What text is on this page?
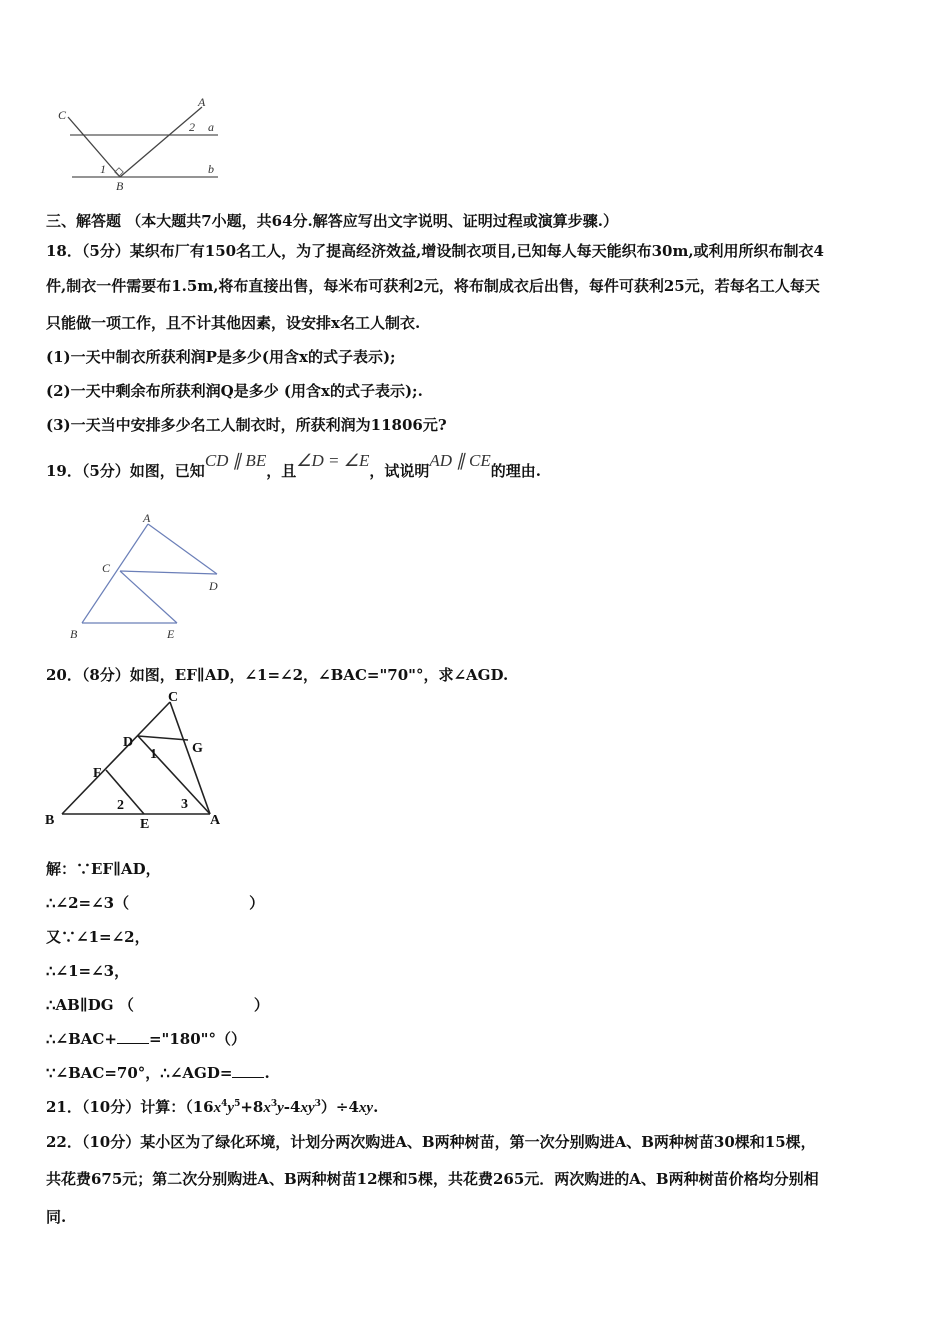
C
A
2 a
1
B
b
三、解答题 （本大题共7小题，共64分.解答应写出文字说明、证明过程或演算步骤.）
18．（5分）某织布厂有150名工人，为了提高经济效益,增设制衣项目,已知每人每天能织布30m,或利用所织布制衣4
件,制衣一件需要布1.5m,将布直接出售，每米布可获利2元，将布制成衣后出售，每件可获利25元，若每名工人每天
只能做一项工作，且不计其他因素，设安排x名工人制衣.
(1)一天中制衣所获利润P是多少(用含x的式子表示);
(2)一天中剩余布所获利润Q是多少 (用含x的式子表示);.
(3)一天当中安排多少名工人制衣时，所获利润为11806元?
19．（5分）如图，已知CD ∥ BE，且∠D = ∠E，试说明AD ∥ CE的理由.
A
C
D
B	E
20．（8分）如图，EF∥AD，∠1=∠2，∠BAC="70"°，求∠AGD.
C
D	G
1
F
2	3
B	E	A
解：∵EF∥AD，
∴∠2=∠3（	）
又∵∠1=∠2，
∴∠1=∠3，
∴AB∥DG （	）
∴∠BAC+ ="180"°（）
∵∠BAC=70°，∴∠AGD= .
21．（10分）计算：$(16x^4y^5+8x^3y-4xy^3)\div 4xy$.
22．（10分）某小区为了绿化环境，计划分两次购进A、B两种树苗，第一次分别购进A、B两种树苗30棵和15棵，
共花费675元；第二次分别购进A、B两种树苗12棵和5棵，共花费265元．两次购进的A、B两种树苗价格均分别相
同.
